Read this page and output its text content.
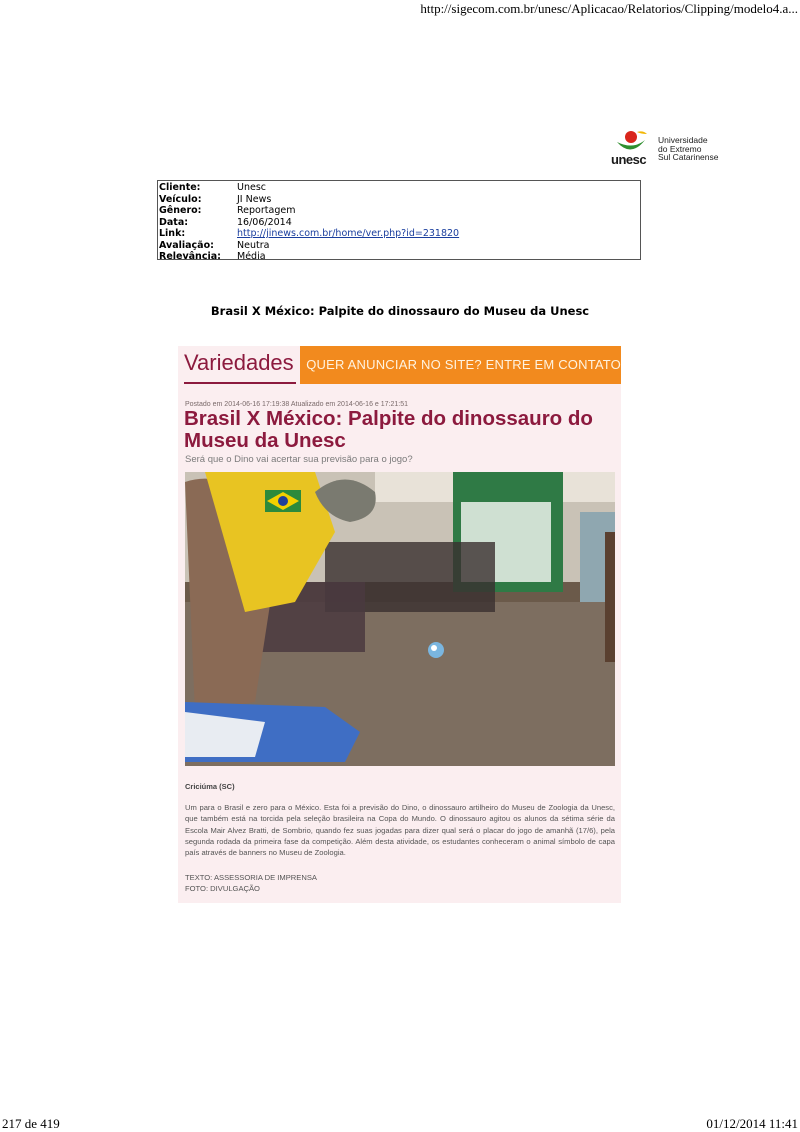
http://sigecom.com.br/unesc/Aplicacao/Relatorios/Clipping/modelo4.a...
unesc
Universidade
do Extremo
Sul Catarinense
Cliente:	Unesc
Veículo:	JI News
Gênero:	Reportagem
Data:	16/06/2014
Link:	http://jinews.com.br/home/ver.php?id=231820
Avaliação:	Neutra
Relevância:	Média
Brasil X México: Palpite do dinossauro do Museu da Unesc
Variedades QUER ANUNCIAR NO SITE? ENTRE EM CONTATO
Postado em 2014-06-16 17:19:38 Atualizado em 2014-06-16 e 17:21:51
Brasil X México: Palpite do dinossauro do
Museu da Unesc
Será que o Dino vai acertar sua previsão para o jogo?
Criciúma (SC)
Um para o Brasil e zero para o México. Esta foi a previsão do Dino, o dinossauro artilheiro do Museu de Zoologia da Unesc, que também está na torcida pela seleção brasileira na Copa do Mundo. O dinossauro agitou os alunos da sétima série da Escola Mair Alvez Bratti, de Sombrio, quando fez suas jogadas para dizer qual será o placar do jogo de amanhã (17/6), pela segunda rodada da primeira fase da competição. Além desta atividade, os estudantes conheceram o animal símbolo de capa país através de banners no Museu de Zoologia.
TEXTO: ASSESSORIA DE IMPRENSA
FOTO: DIVULGAÇÃO
217 de 419	01/12/2014 11:41
